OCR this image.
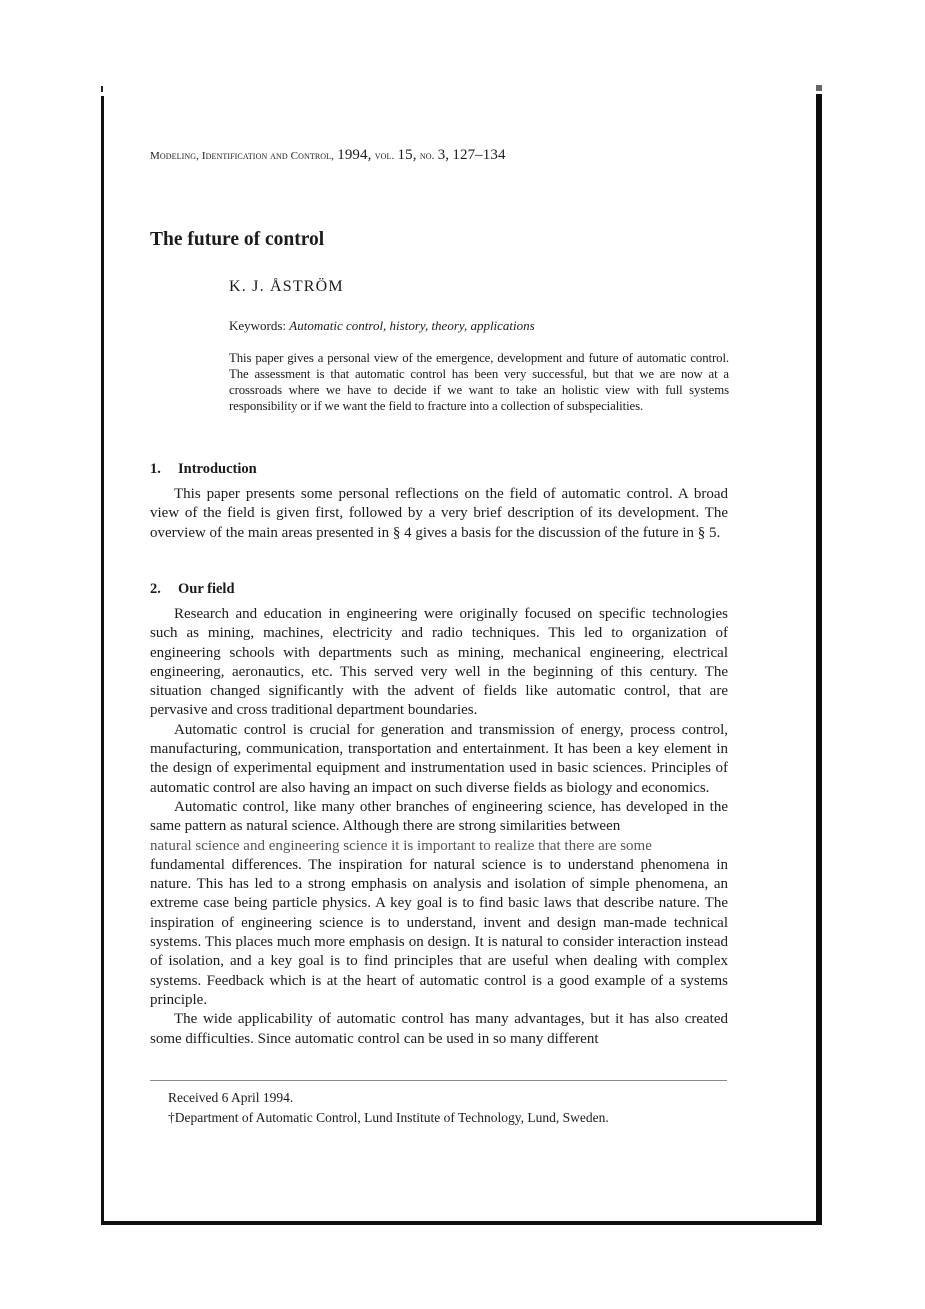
Modeling, Identification and Control, 1994, vol. 15, no. 3, 127–134
The future of control
K. J. ÅSTRÖM
Keywords: Automatic control, history, theory, applications
This paper gives a personal view of the emergence, development and future of automatic control. The assessment is that automatic control has been very successful, but that we are now at a crossroads where we have to decide if we want to take an holistic view with full systems responsibility or if we want the field to fracture into a collection of subspecialities.
1. Introduction

This paper presents some personal reflections on the field of automatic control. A broad view of the field is given first, followed by a very brief description of its development. The overview of the main areas presented in § 4 gives a basis for the discussion of the future in § 5.

2. Our field

Research and education in engineering were originally focused on specific technologies such as mining, machines, electricity and radio techniques. This led to organization of engineering schools with departments such as mining, mechanical engineering, electrical engineering, aeronautics, etc. This served very well in the beginning of this century. The situation changed significantly with the advent of fields like automatic control, that are pervasive and cross traditional department boundaries.

Automatic control is crucial for generation and transmission of energy, process control, manufacturing, communication, transportation and entertainment. It has been a key element in the design of experimental equipment and instrumentation used in basic sciences. Principles of automatic control are also having an impact on such diverse fields as biology and economics.

Automatic control, like many other branches of engineering science, has developed in the same pattern as natural science. Although there are strong similarities between

natural science and engineering science it is important to realize that there are some

fundamental differences. The inspiration for natural science is to understand phenomena in nature. This has led to a strong emphasis on analysis and isolation of simple phenomena, an extreme case being particle physics. A key goal is to find basic laws that describe nature. The inspiration of engineering science is to understand, invent and design man-made technical systems. This places much more emphasis on design. It is natural to consider interaction instead of isolation, and a key goal is to find principles that are useful when dealing with complex systems. Feedback which is at the heart of automatic control is a good example of a systems principle.

The wide applicability of automatic control has many advantages, but it has also created some difficulties. Since automatic control can be used in so many different

Received 6 April 1994.
†Department of Automatic Control, Lund Institute of Technology, Lund, Sweden.
